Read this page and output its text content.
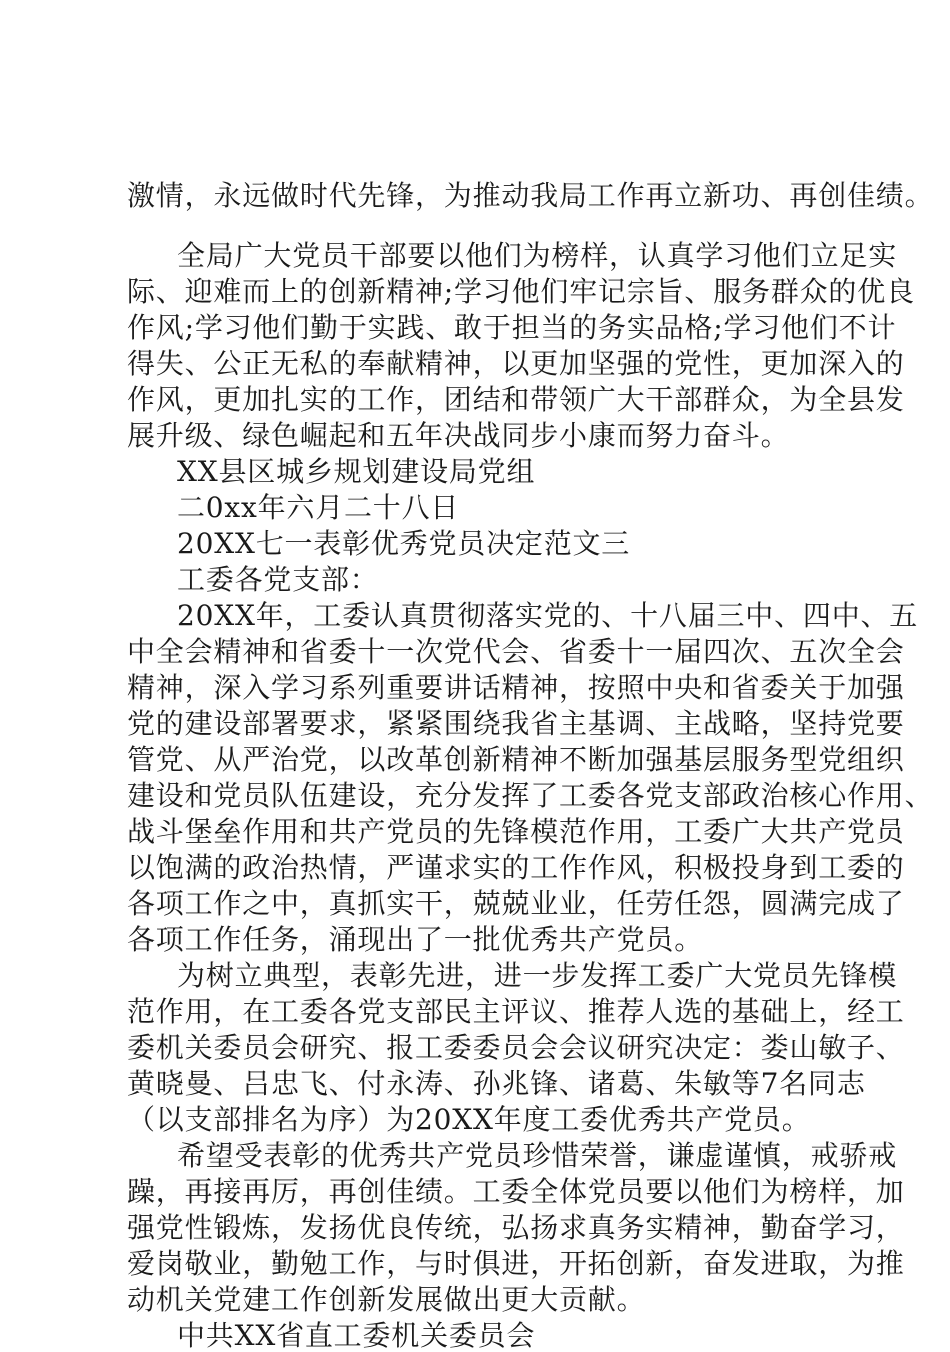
激情，永远做时代先锋，为推动我局工作再立新功、再创佳绩。
全局广大党员干部要以他们为榜样，认真学习他们立足实
际、迎难而上的创新精神;学习他们牢记宗旨、服务群众的优良
作风;学习他们勤于实践、敢于担当的务实品格;学习他们不计
得失、公正无私的奉献精神，以更加坚强的党性，更加深入的
作风，更加扎实的工作，团结和带领广大干部群众，为全县发
展升级、绿色崛起和五年决战同步小康而努力奋斗。
XX县区城乡规划建设局党组
二0xx年六月二十八日
20XX七一表彰优秀党员决定范文三
工委各党支部：
20XX年，工委认真贯彻落实党的、十八届三中、四中、五
中全会精神和省委十一次党代会、省委十一届四次、五次全会
精神，深入学习系列重要讲话精神，按照中央和省委关于加强
党的建设部署要求，紧紧围绕我省主基调、主战略，坚持党要
管党、从严治党，以改革创新精神不断加强基层服务型党组织
建设和党员队伍建设，充分发挥了工委各党支部政治核心作用、
战斗堡垒作用和共产党员的先锋模范作用，工委广大共产党员
以饱满的政治热情，严谨求实的工作作风，积极投身到工委的
各项工作之中，真抓实干，兢兢业业，任劳任怨，圆满完成了
各项工作任务，涌现出了一批优秀共产党员。
为树立典型，表彰先进，进一步发挥工委广大党员先锋模
范作用，在工委各党支部民主评议、推荐人选的基础上，经工
委机关委员会研究、报工委委员会会议研究决定：娄山敏子、
黄晓曼、吕忠飞、付永涛、孙兆锋、诸葛、朱敏等7名同志
（以支部排名为序）为20XX年度工委优秀共产党员。
希望受表彰的优秀共产党员珍惜荣誉，谦虚谨慎，戒骄戒
躁，再接再厉，再创佳绩。工委全体党员要以他们为榜样，加
强党性锻炼，发扬优良传统，弘扬求真务实精神，勤奋学习，
爱岗敬业，勤勉工作，与时俱进，开拓创新，奋发进取，为推
动机关党建工作创新发展做出更大贡献。
中共XX省直工委机关委员会
